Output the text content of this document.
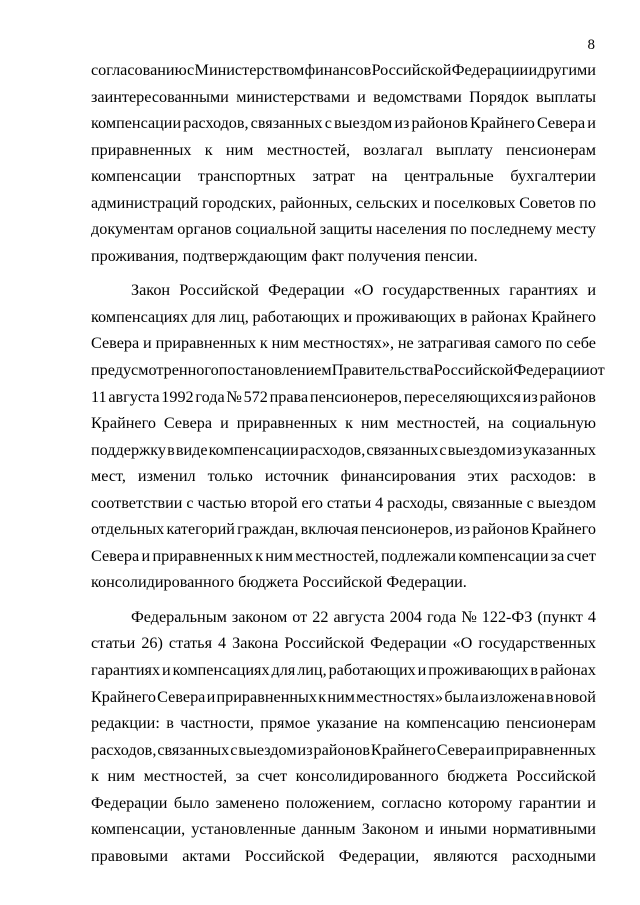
8
согласованию с Министерством финансов Российской Федерации и другими
заинтересованными министерствами и ведомствами Порядок выплаты
компенсации расходов, связанных с выездом из районов Крайнего Севера и
приравненных к ним местностей, возлагал выплату пенсионерам
компенсации транспортных затрат на центральные бухгалтерии
администраций городских, районных, сельских и поселковых Советов по
документам органов социальной защиты населения по последнему месту
проживания, подтверждающим факт получения пенсии.
Закон Российской Федерации «О государственных гарантиях и
компенсациях для лиц, работающих и проживающих в районах Крайнего
Севера и приравненных к ним местностях», не затрагивая самого по себе
предусмотренного постановлением Правительства Российской Федерации от
11 августа 1992 года № 572 права пенсионеров, переселяющихся из районов
Крайнего Севера и приравненных к ним местностей, на социальную
поддержку в виде компенсации расходов, связанных с выездом из указанных
мест, изменил только источник финансирования этих расходов: в
соответствии с частью второй его статьи 4 расходы, связанные с выездом
отдельных категорий граждан, включая пенсионеров, из районов Крайнего
Севера и приравненных к ним местностей, подлежали компенсации за счет
консолидированного бюджета Российской Федерации.
Федеральным законом от 22 августа 2004 года № 122-ФЗ (пункт 4
статьи 26) статья 4 Закона Российской Федерации «О государственных
гарантиях и компенсациях для лиц, работающих и проживающих в районах
Крайнего Севера и приравненных к ним местностях» была изложена в новой
редакции: в частности, прямое указание на компенсацию пенсионерам
расходов, связанных с выездом из районов Крайнего Севера и приравненных
к ним местностей, за счет консолидированного бюджета Российской
Федерации было заменено положением, согласно которому гарантии и
компенсации, установленные данным Законом и иными нормативными
правовыми актами Российской Федерации, являются расходными
